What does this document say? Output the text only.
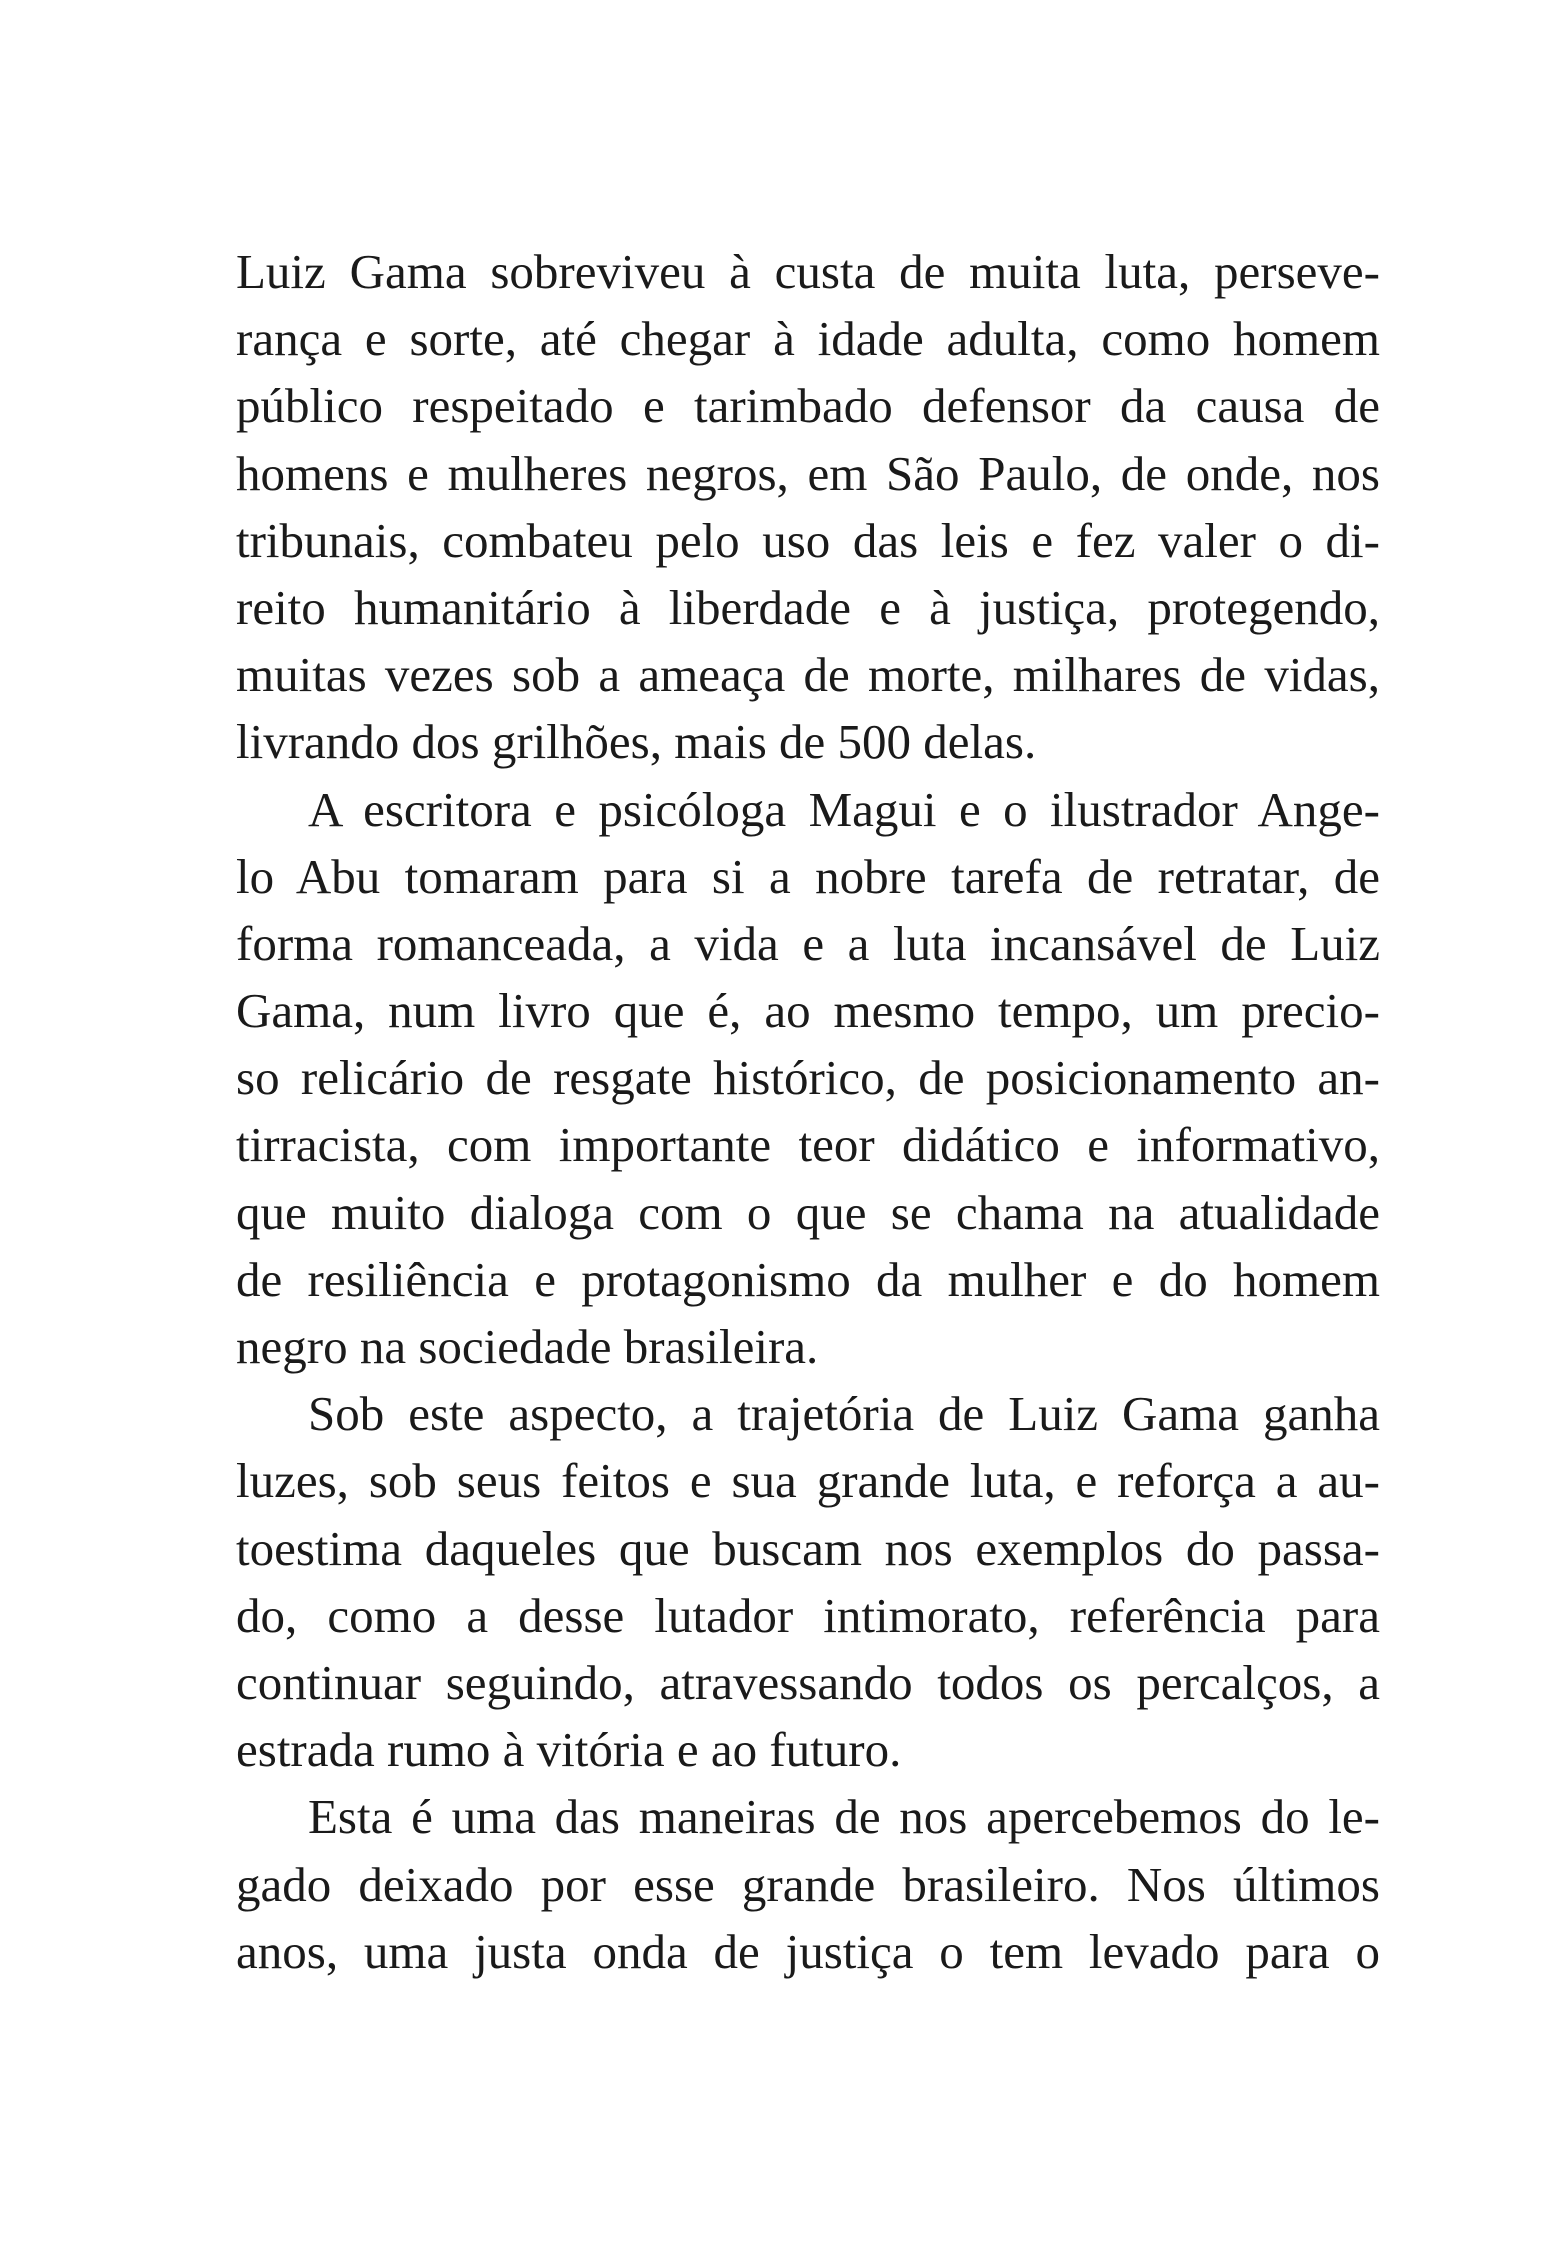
Luiz Gama sobreviveu à custa de muita luta, perseve-
rança e sorte, até chegar à idade adulta, como homem
público respeitado e tarimbado defensor da causa de
homens e mulheres negros, em São Paulo, de onde, nos
tribunais, combateu pelo uso das leis e fez valer o di-
reito humanitário à liberdade e à justiça, protegendo,
muitas vezes sob a ameaça de morte, milhares de vidas,
livrando dos grilhões, mais de 500 delas.
A escritora e psicóloga Magui e o ilustrador Ange-
lo Abu tomaram para si a nobre tarefa de retratar, de
forma romanceada, a vida e a luta incansável de Luiz
Gama, num livro que é, ao mesmo tempo, um precio-
so relicário de resgate histórico, de posicionamento an-
tirracista, com importante teor didático e informativo,
que muito dialoga com o que se chama na atualidade
de resiliência e protagonismo da mulher e do homem
negro na sociedade brasileira.
Sob este aspecto, a trajetória de Luiz Gama ganha
luzes, sob seus feitos e sua grande luta, e reforça a au-
toestima daqueles que buscam nos exemplos do passa-
do, como a desse lutador intimorato, referência para
continuar seguindo, atravessando todos os percalços, a
estrada rumo à vitória e ao futuro.
Esta é uma das maneiras de nos apercebemos do le-
gado deixado por esse grande brasileiro. Nos últimos
anos, uma justa onda de justiça o tem levado para o
